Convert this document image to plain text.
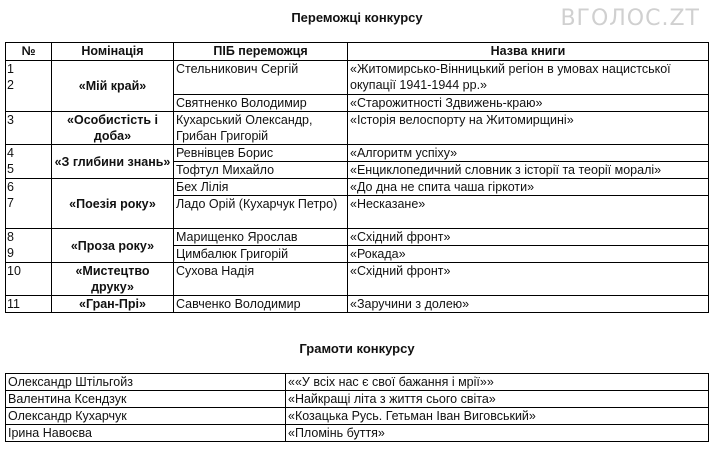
ВГОЛОС.ZT
Переможці конкурсу
№	Номінація	ПІБ переможця	Назва книги
1
2	«Мій край»	Стельникович Сергій	«Житомирсько-Вінницький регіон в умовах нацистської окупації 1941-1944 рр.»
		Святненко Володимир	«Старожитності Здвижень-краю»
3	«Особистість і доба»	Кухарський Олександр, Грибан Григорій	«Історія велоспорту на Житомирщині»
4
5	«З глибини знань»	Ревнівцев Борис	«Алгоритм успіху»
		Тофтул Михайло	«Енциклопедичний словник з історії та теорії моралі»
6
7	«Поезія року»	Бех Лілія	«До дна не спита чаша гіркоти»
		Ладо Орій (Кухарчук Петро)	«Несказане»
8
9	«Проза року»	Марищенко Ярослав	«Східний фронт»
		Цимбалюк Григорій	«Рокада»
10	«Мистецтво друку»	Сухова Надія	«Східний фронт»
11	«Гран-Прі»	Савченко Володимир	«Заручини з долею»
Грамоти конкурсу
Олександр Штільгойз	««У всіх нас є свої бажання і мрії»»
Валентина Ксендзук	«Найкращі літа з життя сього світа»
Олександр Кухарчук	«Козацька Русь. Гетьман Іван Виговський»
Ірина Навоєва	«Пломінь буття»
